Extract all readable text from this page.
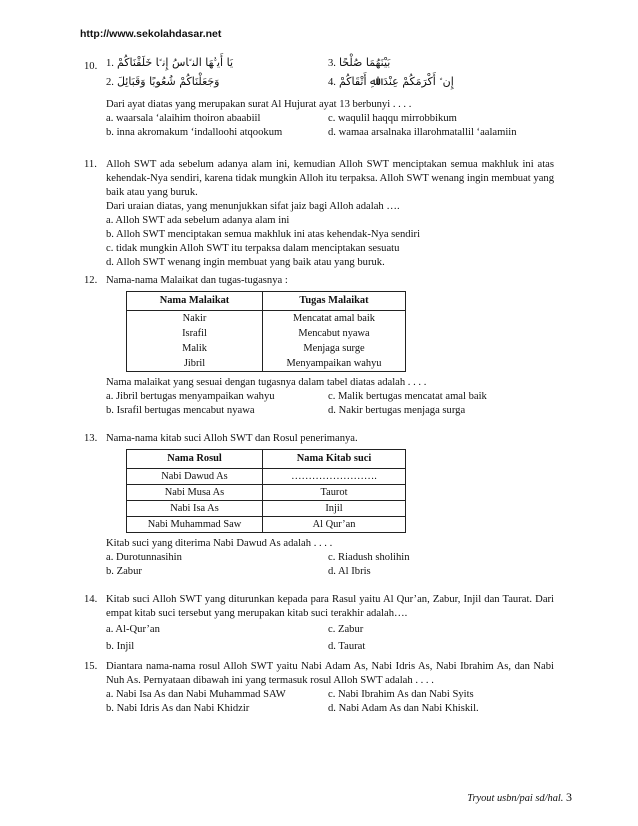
http://www.sekolahdasar.net
10. 1. ﻳَﺎ أَﻳﱡﻬَﺎ اﻟﻨﱠﺎسُ إِﻧﱠﺎ ﺧَﻠَﻘْﻨَﺎﻛُﻢْ	3. ﺑَﻴْﻨَﻬُﻤَﺎ ﺻُﻠْﺤًﺎ
2. وَﺟَﻌَﻠْﻨَﺎﻛُﻢْ ﺷُﻌُﻮﺑًﺎ وَﻗَﺒَﺎﺋِﻞَ	4. إِنﱠ أَﻛْﺮَﻣَﻜُﻢْ ﻋِﻨْﺪَ اﷲِ أَﺗْﻘَﺎﻛُﻢْ

Dari ayat diatas yang merupakan surat Al Hujurat ayat 13 berbunyi . . . .

a. waarsala ‘alaihim thoiron abaabiil	c. waqulil haqqu mirrobbikum
b. inna akromakum ‘indalloohi atqookum	d. wamaa arsalnaka illarohmatallil ‘aalamiin
11. Alloh SWT ada sebelum adanya alam ini, kemudian Alloh SWT menciptakan semua makhluk ini atas kehendak-Nya sendiri, karena tidak mungkin Alloh itu terpaksa. Alloh SWT wenang ingin membuat yang baik atau yang buruk.

Dari uraian diatas, yang menunjukkan sifat jaiz bagi Alloh adalah ….

a. Alloh SWT ada sebelum adanya alam ini
b. Alloh SWT menciptakan semua makhluk ini atas kehendak-Nya sendiri
c. tidak mungkin Alloh SWT itu terpaksa dalam menciptakan sesuatu
d. Alloh SWT wenang ingin membuat yang baik atau yang buruk.
12. Nama-nama Malaikat dan tugas-tugasnya :

Nama Malaikat	Tugas Malaikat
Nakir	Mencatat amal baik
Israfil	Mencabut nyawa
Malik	Menjaga surge
Jibril	Menyampaikan wahyu

Nama malaikat yang sesuai dengan tugasnya dalam tabel diatas adalah . . . .

a. Jibril bertugas menyampaikan wahyu	c. Malik bertugas mencatat amal baik
b. Israfil bertugas mencabut nyawa	d. Nakir bertugas menjaga surga
13. Nama-nama kitab suci Alloh SWT dan Rosul penerimanya.

Nama Rosul	Nama Kitab suci
Nabi Dawud As	…………………….
Nabi Musa As	Taurot
Nabi Isa As	Injil
Nabi Muhammad Saw	Al Qur’an

Kitab suci yang diterima Nabi Dawud As adalah . . . .

a. Durotunnasihin	c. Riadush sholihin
b. Zabur	d. Al Ibris
14. Kitab suci Alloh SWT yang diturunkan kepada para Rasul yaitu Al Qur’an, Zabur, Injil dan Taurat. Dari empat kitab suci tersebut yang merupakan kitab suci terakhir adalah….

a. Al-Qur’an	c. Zabur
b. Injil	d. Taurat
15. Diantara nama-nama rosul Alloh SWT yaitu Nabi Adam As, Nabi Idris As, Nabi Ibrahim As, dan Nabi Nuh As. Pernyataan dibawah ini yang termasuk rosul Alloh SWT adalah . . . .

a. Nabi Isa As dan Nabi Muhammad SAW	c. Nabi Ibrahim As dan Nabi Syits
b. Nabi Idris As dan Nabi Khidzir	d. Nabi Adam As dan Nabi Khiskil.
Tryout usbn/pai sd/hal. 3
